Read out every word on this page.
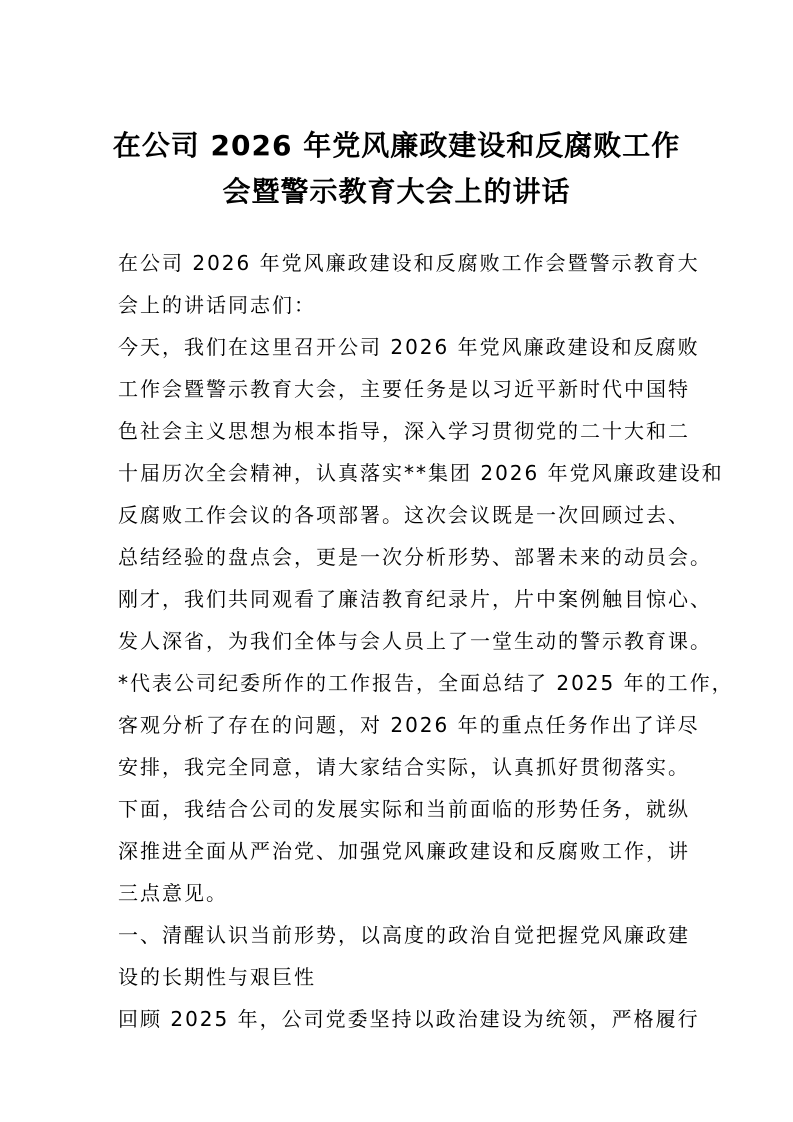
在公司 2026 年党风廉政建设和反腐败工作
会暨警示教育大会上的讲话
在公司 2026 年党风廉政建设和反腐败工作会暨警示教育大
会上的讲话同志们：
今天，我们在这里召开公司 2026 年党风廉政建设和反腐败
工作会暨警示教育大会，主要任务是以习近平新时代中国特
色社会主义思想为根本指导，深入学习贯彻党的二十大和二
十届历次全会精神，认真落实**集团 2026 年党风廉政建设和
反腐败工作会议的各项部署。这次会议既是一次回顾过去、
总结经验的盘点会，更是一次分析形势、部署未来的动员会。
刚才，我们共同观看了廉洁教育纪录片，片中案例触目惊心、
发人深省，为我们全体与会人员上了一堂生动的警示教育课。
*代表公司纪委所作的工作报告，全面总结了 2025 年的工作，
客观分析了存在的问题，对 2026 年的重点任务作出了详尽
安排，我完全同意，请大家结合实际，认真抓好贯彻落实。
下面，我结合公司的发展实际和当前面临的形势任务，就纵
深推进全面从严治党、加强党风廉政建设和反腐败工作，讲
三点意见。
一、清醒认识当前形势，以高度的政治自觉把握党风廉政建
设的长期性与艰巨性
回顾 2025 年，公司党委坚持以政治建设为统领，严格履行
